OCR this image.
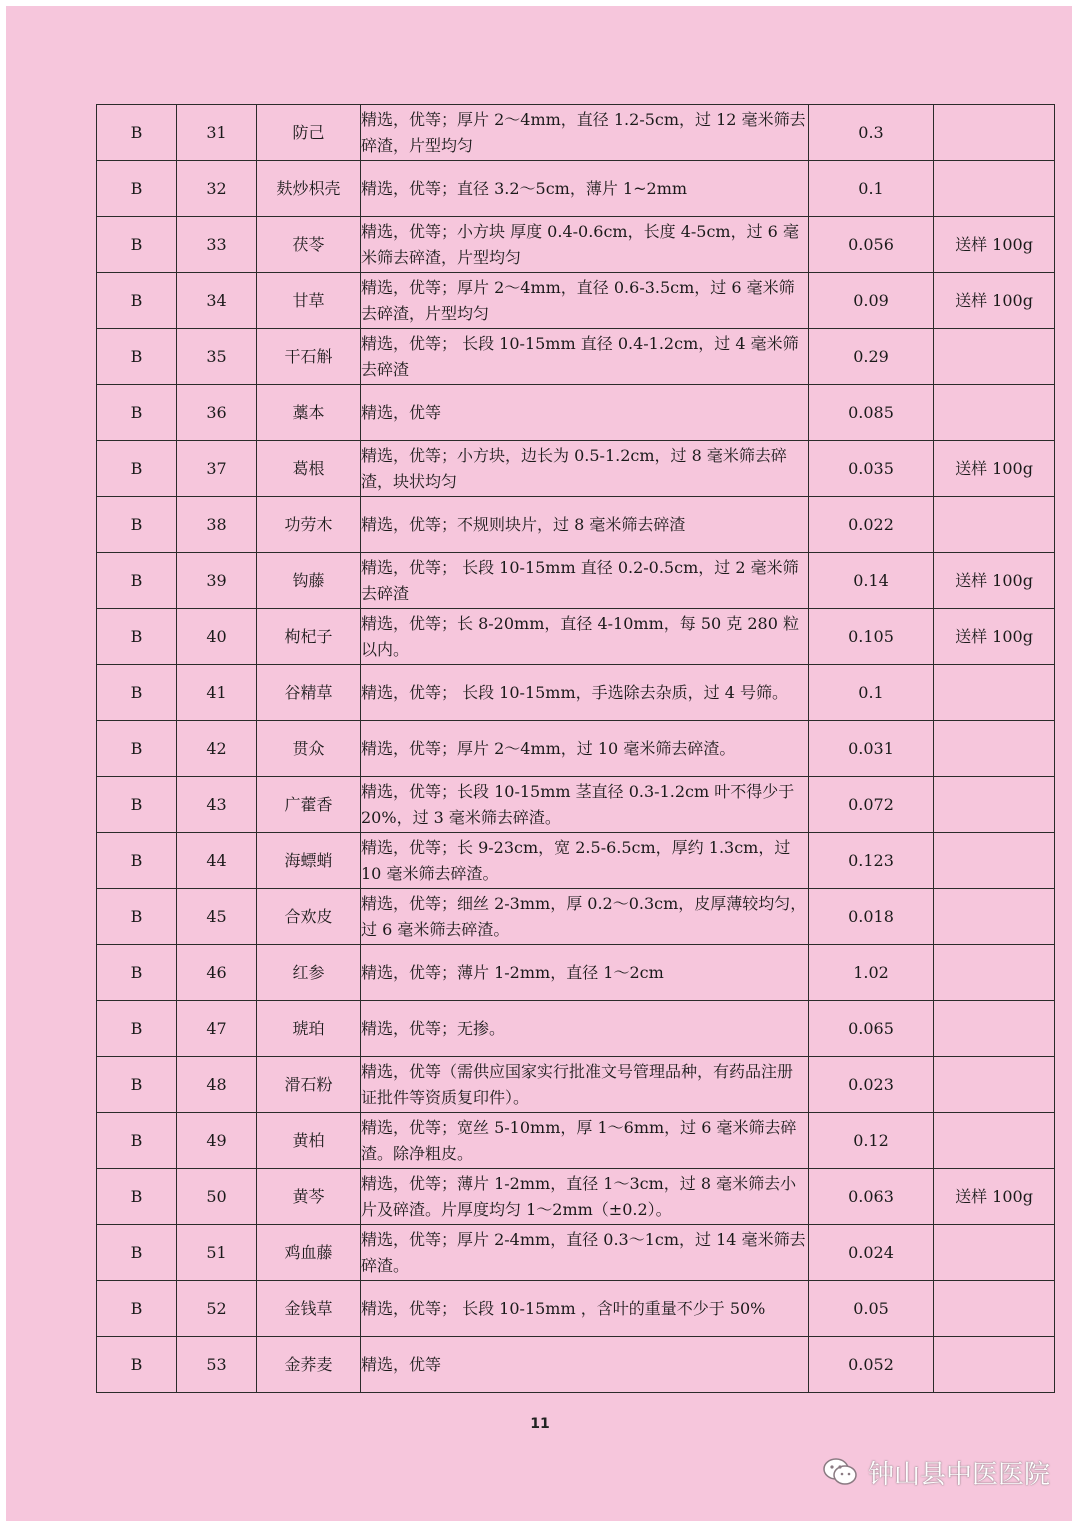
B	31	防己	精选，优等；厚片 2～4mm，直径 1.2-5cm，过 12 毫米筛去碎渣，片型均匀	0.3	
B	32	麸炒枳壳	精选，优等；直径 3.2～5cm，薄片 1~2mm	0.1	
B	33	茯苓	精选，优等；小方块 厚度 0.4-0.6cm，长度 4-5cm，过 6 毫米筛去碎渣，片型均匀	0.056	送样 100g
B	34	甘草	精选，优等；厚片 2～4mm，直径 0.6-3.5cm，过 6 毫米筛去碎渣，片型均匀	0.09	送样 100g
B	35	干石斛	精选，优等； 长段 10-15mm 直径 0.4-1.2cm，过 4 毫米筛去碎渣	0.29	
B	36	藁本	精选，优等	0.085	
B	37	葛根	精选，优等；小方块，边长为 0.5-1.2cm，过 8 毫米筛去碎渣，块状均匀	0.035	送样 100g
B	38	功劳木	精选，优等；不规则块片，过 8 毫米筛去碎渣	0.022	
B	39	钩藤	精选，优等； 长段 10-15mm 直径 0.2-0.5cm，过 2 毫米筛去碎渣	0.14	送样 100g
B	40	枸杞子	精选，优等；长 8-20mm，直径 4-10mm，每 50 克 280 粒以内。	0.105	送样 100g
B	41	谷精草	精选，优等； 长段 10-15mm，手选除去杂质，过 4 号筛。	0.1	
B	42	贯众	精选，优等；厚片 2～4mm，过 10 毫米筛去碎渣。	0.031	
B	43	广藿香	精选，优等；长段 10-15mm 茎直径 0.3-1.2cm 叶不得少于 20%，过 3 毫米筛去碎渣。	0.072	
B	44	海螵蛸	精选，优等；长 9-23cm，宽 2.5-6.5cm，厚约 1.3cm，过 10 毫米筛去碎渣。	0.123	
B	45	合欢皮	精选，优等；细丝 2-3mm，厚 0.2～0.3cm，皮厚薄较均匀，过 6 毫米筛去碎渣。	0.018	
B	46	红参	精选，优等；薄片 1-2mm，直径 1～2cm	1.02	
B	47	琥珀	精选，优等；无掺。	0.065	
B	48	滑石粉	精选，优等（需供应国家实行批准文号管理品种，有药品注册证批件等资质复印件）。	0.023	
B	49	黄柏	精选，优等；宽丝 5-10mm，厚 1～6mm，过 6 毫米筛去碎渣。除净粗皮。	0.12	
B	50	黄芩	精选，优等；薄片 1-2mm，直径 1～3cm，过 8 毫米筛去小片及碎渣。片厚度均匀 1～2mm（±0.2）。	0.063	送样 100g
B	51	鸡血藤	精选，优等；厚片 2-4mm，直径 0.3～1cm，过 14 毫米筛去碎渣。	0.024	
B	52	金钱草	精选，优等； 长段 10-15mm ，含叶的重量不少于 50%	0.05	
B	53	金荞麦	精选，优等	0.052	
11
钟山县中医医院
